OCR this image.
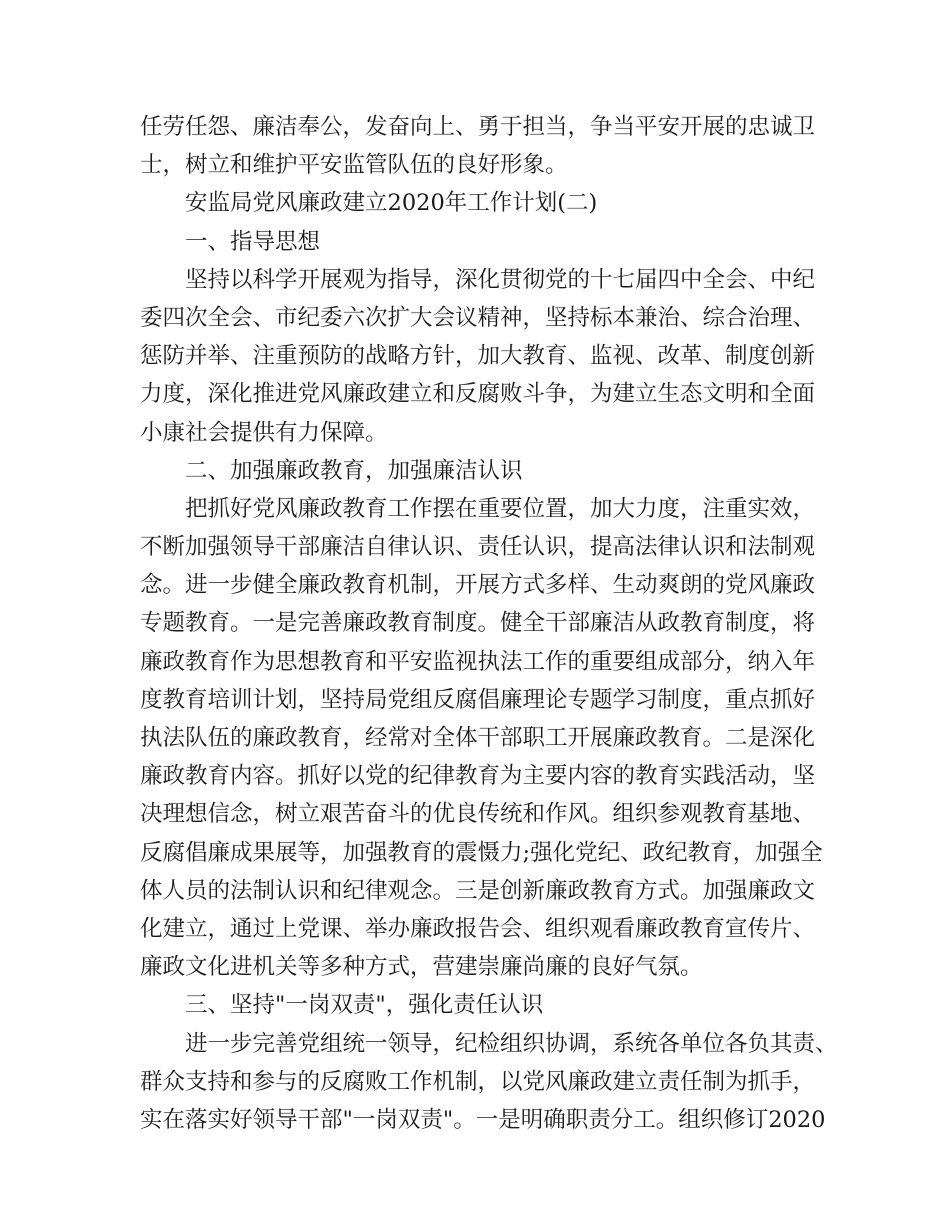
任劳任怨、廉洁奉公，发奋向上、勇于担当，争当平安开展的忠诚卫
士，树立和维护平安监管队伍的良好形象。
安监局党风廉政建立2020年工作计划(二)
一、指导思想
坚持以科学开展观为指导，深化贯彻党的十七届四中全会、中纪
委四次全会、市纪委六次扩大会议精神，坚持标本兼治、综合治理、
惩防并举、注重预防的战略方针，加大教育、监视、改革、制度创新
力度，深化推进党风廉政建立和反腐败斗争，为建立生态文明和全面
小康社会提供有力保障。
二、加强廉政教育，加强廉洁认识
把抓好党风廉政教育工作摆在重要位置，加大力度，注重实效，
不断加强领导干部廉洁自律认识、责任认识，提高法律认识和法制观
念。进一步健全廉政教育机制，开展方式多样、生动爽朗的党风廉政
专题教育。一是完善廉政教育制度。健全干部廉洁从政教育制度，将
廉政教育作为思想教育和平安监视执法工作的重要组成部分，纳入年
度教育培训计划，坚持局党组反腐倡廉理论专题学习制度，重点抓好
执法队伍的廉政教育，经常对全体干部职工开展廉政教育。二是深化
廉政教育内容。抓好以党的纪律教育为主要内容的教育实践活动，坚
决理想信念，树立艰苦奋斗的优良传统和作风。组织参观教育基地、
反腐倡廉成果展等，加强教育的震慑力;强化党纪、政纪教育，加强全
体人员的法制认识和纪律观念。三是创新廉政教育方式。加强廉政文
化建立，通过上党课、举办廉政报告会、组织观看廉政教育宣传片、
廉政文化进机关等多种方式，营建崇廉尚廉的良好气氛。
三、坚持"一岗双责"，强化责任认识
进一步完善党组统一领导，纪检组织协调，系统各单位各负其责、
群众支持和参与的反腐败工作机制，以党风廉政建立责任制为抓手，
实在落实好领导干部"一岗双责"。一是明确职责分工。组织修订2020
